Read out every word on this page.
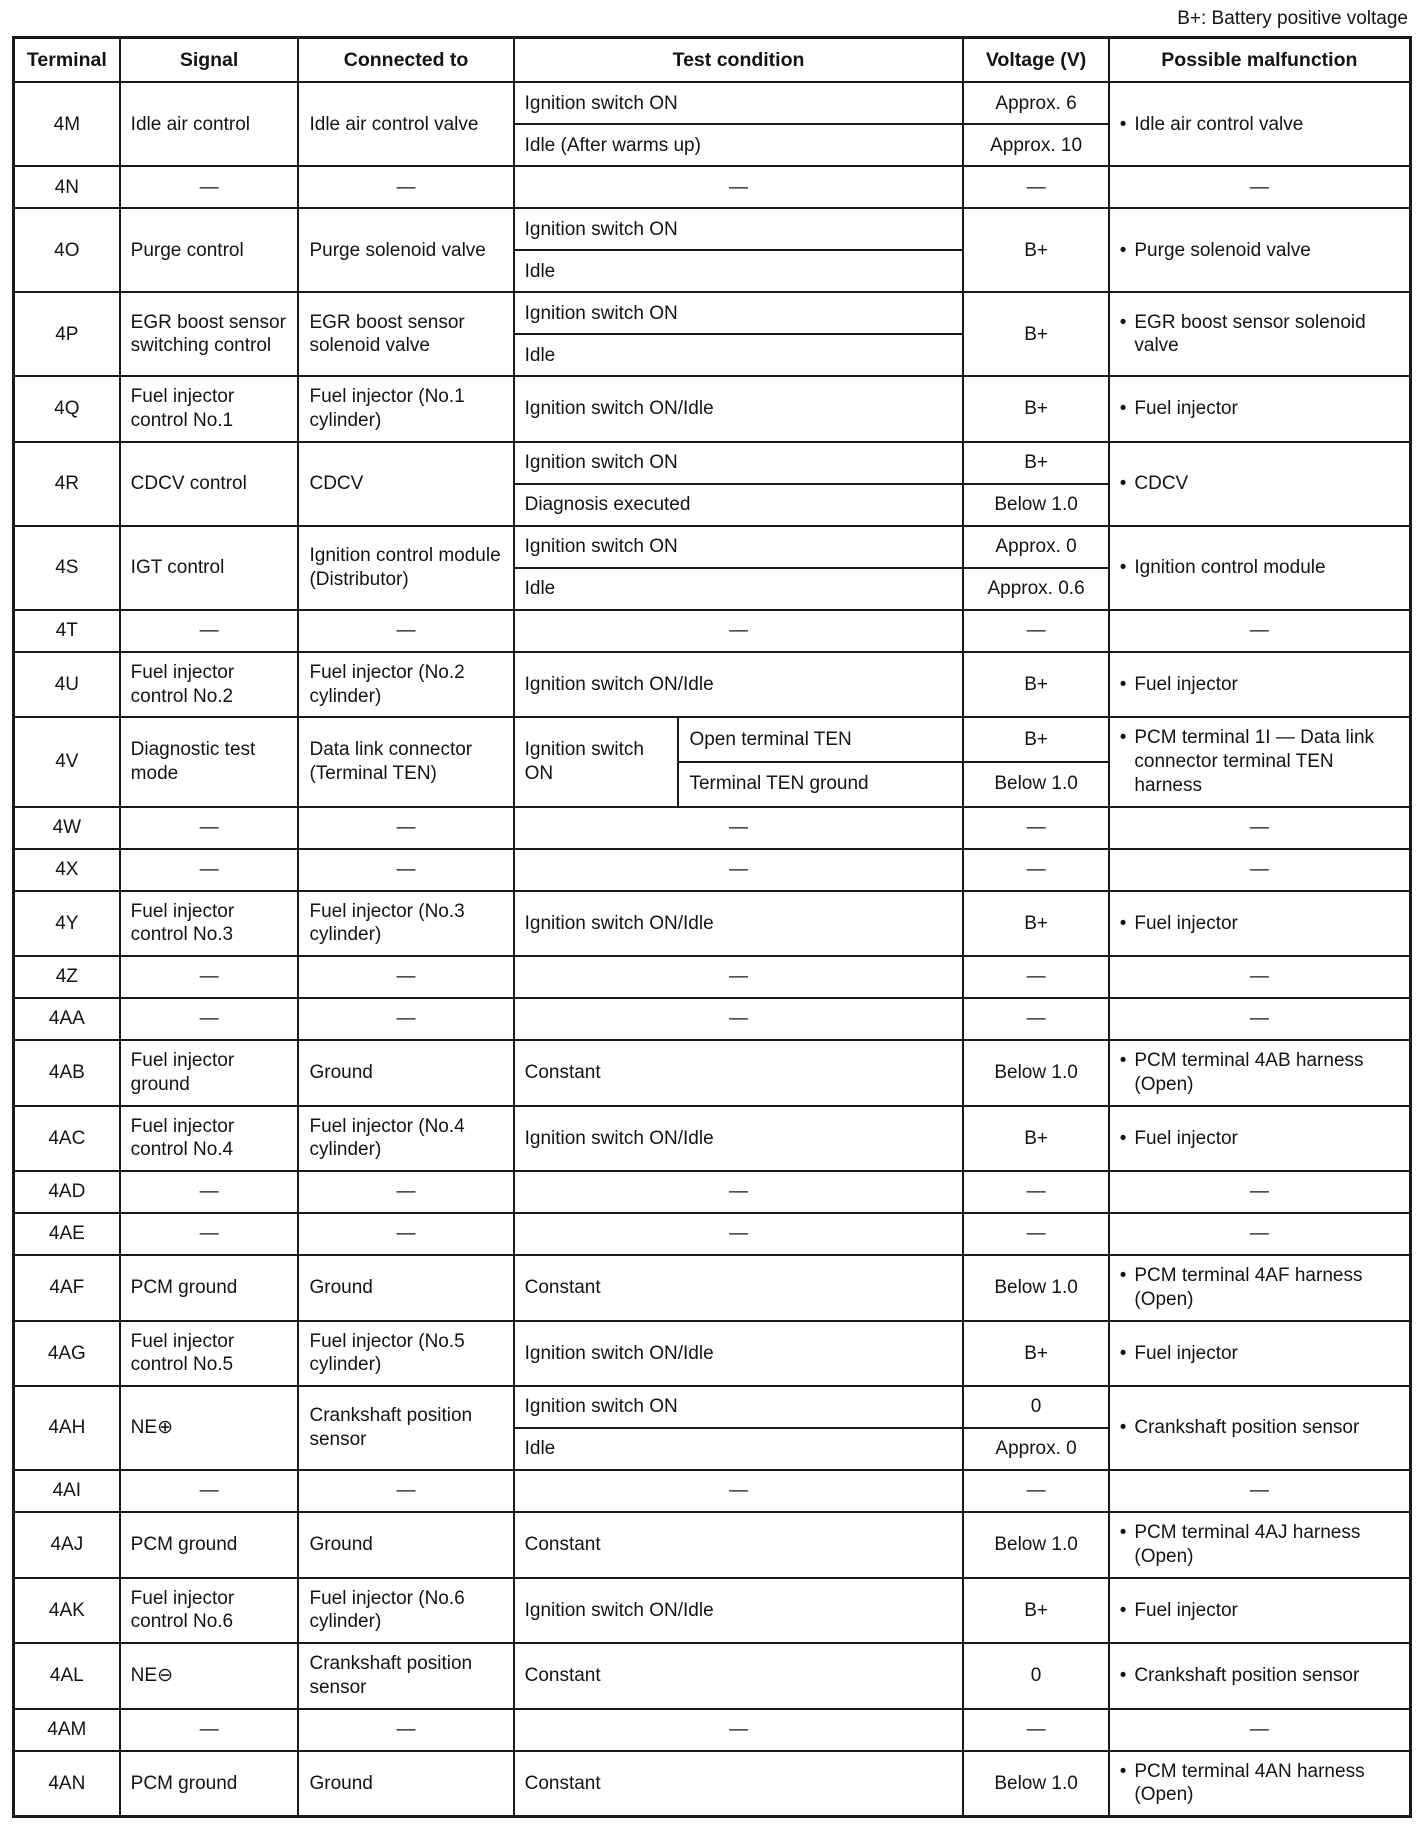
B+: Battery positive voltage
Terminal	Signal	Connected to	Test condition		Voltage (V)	Possible malfunction
4M	Idle air control	Idle air control valve	Ignition switch ON		Approx. 6	• Idle air control valve

			Idle (After warms up)		Approx. 10	
4N	—	—	—		—	—
4O	Purge control	Purge solenoid valve	Ignition switch ON		B+	• Purge solenoid valve

			Idle			
4P	EGR boost sensor switching control	EGR boost sensor solenoid valve	Ignition switch ON		B+	• EGR boost sensor solenoid valve

			Idle			
4Q	Fuel injector control No.1	Fuel injector (No.1 cylinder)	Ignition switch ON/Idle		B+	• Fuel injector

4R	CDCV control	CDCV	Ignition switch ON		B+	• CDCV

			Diagnosis executed		Below 1.0	
4S	IGT control	Ignition control module (Distributor)	Ignition switch ON		Approx. 0	• Ignition control module

			Idle		Approx. 0.6	
4T	—	—	—		—	—
4U	Fuel injector control No.2	Fuel injector (No.2 cylinder)	Ignition switch ON/Idle		B+	• Fuel injector

4V	Diagnostic test mode	Data link connector (Terminal TEN)	Ignition switch ON	Open terminal TEN	B+	• PCM terminal 1I — Data link connector terminal TEN harness

				Terminal TEN ground	Below 1.0	
4W	—	—	—		—	—
4X	—	—	—		—	—
4Y	Fuel injector control No.3	Fuel injector (No.3 cylinder)	Ignition switch ON/Idle		B+	• Fuel injector

4Z	—	—	—		—	—
4AA	—	—	—		—	—
4AB	Fuel injector ground	Ground	Constant		Below 1.0	• PCM terminal 4AB harness (Open)

4AC	Fuel injector control No.4	Fuel injector (No.4 cylinder)	Ignition switch ON/Idle		B+	• Fuel injector

4AD	—	—	—		—	—
4AE	—	—	—		—	—
4AF	PCM ground	Ground	Constant		Below 1.0	• PCM terminal 4AF harness (Open)

4AG	Fuel injector control No.5	Fuel injector (No.5 cylinder)	Ignition switch ON/Idle		B+	• Fuel injector

4AH	NE⊕	Crankshaft position sensor	Ignition switch ON		0	• Crankshaft position sensor

			Idle		Approx. 0	
4AI	—	—	—		—	—
4AJ	PCM ground	Ground	Constant		Below 1.0	• PCM terminal 4AJ harness (Open)

4AK	Fuel injector control No.6	Fuel injector (No.6 cylinder)	Ignition switch ON/Idle		B+	• Fuel injector

4AL	NE⊖	Crankshaft position sensor	Constant		0	• Crankshaft position sensor

4AM	—	—	—		—	—
4AN	PCM ground	Ground	Constant		Below 1.0	• PCM terminal 4AN harness (Open)
